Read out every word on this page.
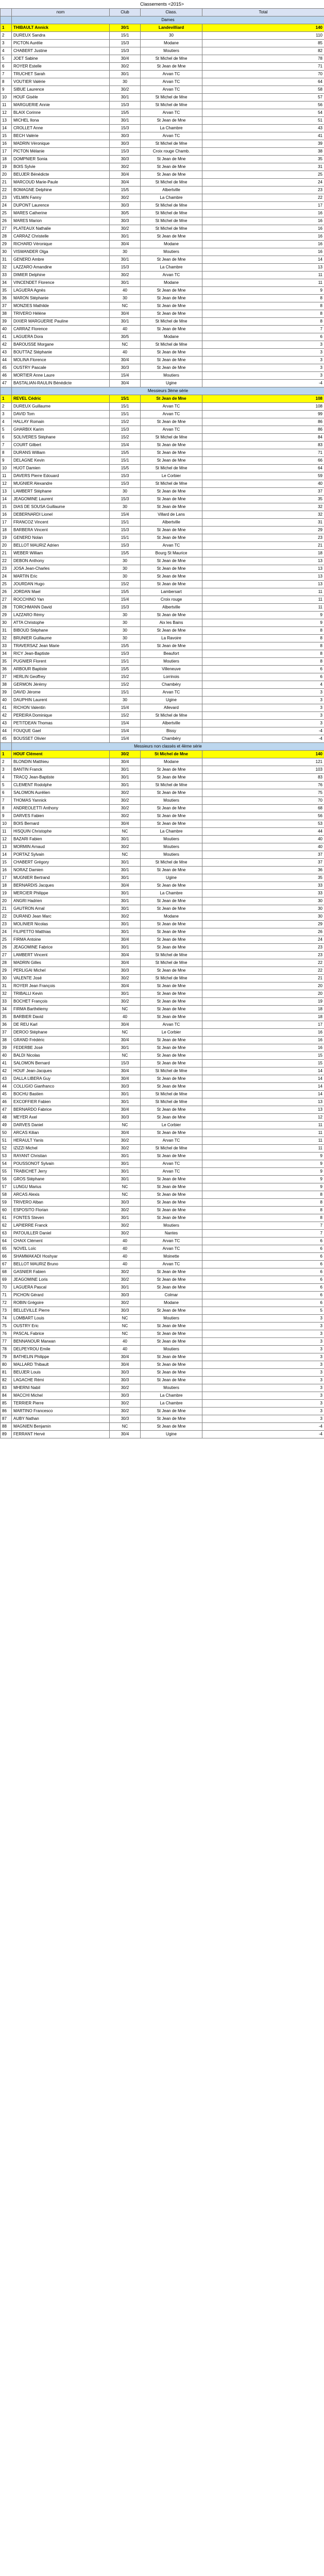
Classements <2015>
	nom	Club	Class.	Total
	Dames			
1	THIBAULT Annick	30/1	Landevilliard	140
2	DUREUX Sandra	15/1	30	110
3	PICTON Aurélie	15/3	Modane	85
4	CHABERT Justine	15/3	Moutiers	82
5	JOET Sabine	30/4	St Michel de Mne	78
6	ROYER Estelle	30/2	St Jean de Mne	71
7	TRUCHET Sarah	30/1	Arvan TC	70
8	VOUTIER Valérie	30	Arvan TC	64
9	SIBUE Laurence	30/2	Arvan TC	58
10	HOUF Gisèle	30/1	St Michel de Mne	57
11	MARGUERIE Annie	15/3	St Michel de Mne	56
12	BLAIX Corinne	15/5	Arvan TC	54
13	MICHEL Ilona	30/1	St Jean de Mne	51
14	CROLLET Anne	15/3	La Chambre	43
15	BECH Valérie	30/3	Arvan TC	41
16	MADRIN Véronique	30/3	St Michel de Mne	39
17	PICTON Mélanie	15/3	Croix rouge Chamb.	38
18	DOMPNIER Sonia	30/3	St Jean de Mne	35
19	BOIS Sylvie	30/2	St Jean de Mne	31
20	BEUJER Bénédicte	30/4	St Jean de Mne	25
21	MARCOUD Marie-Paule	30/4	St Michel de Mne	24
22	BOMAGNE Delphine	15/5	Albertville	23
23	VELMIN Fanny	30/2	La Chambre	22
24	DUPONT Laurence	30/3	St Michel de Mne	17
25	MARES Catherine	30/5	St Michel de Mne	16
26	MARES Marion	30/3	St Michel de Mne	16
27	PLATEAUX Nathalie	30/2	St Michel de Mne	16
28	CARRAZ Christelle	30/1	St Jean de Mne	16
29	RICHARD Véronique	30/4	Modane	16
30	VISWANDER Olga	30	Moutiers	16
31	GENERD Ambre	30/1	St Jean de Mne	14
32	LAZZARO Amandine	15/3	La Chambre	13
33	DIMIER Delphine	30/2	Arvan TC	11
34	VINCENDET Florence	30/1	Modane	11
35	LAGUERA Agnès	40	St Jean de Mne	9
36	MARON Stéphanie	30	St Jean de Mne	8
37	MONZIES Mathilde	NC	St Jean de Mne	8
38	TRIVERO Hélène	30/4	St Jean de Mne	8
39	DIXIER MARGUERIE Pauline	30/1	St Michel de Mne	8
40	CARRAZ Florence	40	St Jean de Mne	7
41	LAGUERA Dora	30/5	Modane	6
42	BAROUSSE Morgane	NC	St Michel de Mne	3
43	BOUTTAZ Stéphanie	40	St Jean de Mne	3
44	MOLINA Florence	30/4	St Jean de Mne	3
45	OUSTRY Pascale	30/3	St Jean de Mne	3
46	MORTIER Anne Laure	15/4	Moutiers	3
47	BASTALIAN-RAULIN Bénédicte	30/4	Ugine	-4
	Messieurs 3ème série			
1	REVEL Cédric	15/1	St Jean de Mne	108
2	DUREUX Guillaume	15/1	Arvan TC	108
3	DAVID Tom	15/1	Arvan TC	99
4	HALLAY Romain	15/2	St Jean de Mne	86
5	GHARBIX Karim	15/3	Arvan TC	86
6	SOLIVERES Stéphane	15/2	St Michel de Mne	84
7	COURT Gilbert	15/4	St Jean de Mne	83
8	DURANS William	15/5	St Jean de Mne	71
9	DELAGNE Kevin	15/1	St Jean de Mne	66
10	HUOT Damien	15/5	St Michel de Mne	64
11	DAVERS Pierre Edouard	15/3	Le Corbier	59
12	MUGNIER Alexandre	15/3	St Michel de Mne	40
13	LAMBERT Stéphane	30	St Jean de Mne	37
14	JEAGOMINE Laurent	15/3	St Jean de Mne	35
15	DIAS DE SOUSA Guillaume	30	St Jean de Mne	32
16	DEBERNARDI Lionel	15/4	Villard de Lans	32
17	FRANCOZ Vincent	15/1	Albertville	31
18	BARBERA Vincent	15/3	St Jean de Mne	29
19	GENERD Nolan	15/1	St Jean de Mne	23
20	BELLOT MAURIZ Adrien	15/3	Arvan TC	21
21	WEBER William	15/5	Bourg St Maurice	18
22	DEBON Anthony	30	St Jean de Mne	13
23	JOSA Jean-Charles	30	St Jean de Mne	13
24	MARTIN Eric	30	St Jean de Mne	13
25	JOURDAN Hugo	15/2	St Jean de Mne	13
26	JORDAN Mael	15/5	Lambersart	11
27	ROCCHINO Yan	15/4	Croix rouge	11
28	TORCHMANN David	15/3	Albertville	11
29	LAZZARO Rémy	30	St Jean de Mne	9
30	ATTA Christophe	30	Aix les Bains	9
31	BIBOUD Stéphane	30	St Jean de Mne	8
32	BRUNIER Guillaume	30	La Ravoire	8
33	TRAVERSAZ Jean Marie	15/5	St Jean de Mne	8
34	RICY Jean-Baptiste	15/3	Beaufort	8
35	PUGNIER Florent	15/1	Moutiers	8
36	ARBOUR Baptiste	15/5	Villeneuve	6
37	HERLIN Geoffrey	15/2	Lorrinois	6
38	GERMON Jérémy	15/2	Chambéry	4
39	DAVID Jérome	15/1	Arvan TC	3
40	DAUPHIN Laurent	30	Ugine	3
41	RICHON Valentin	15/4	Allevard	3
42	PEREIRA Dominique	15/2	St Michel de Mne	3
43	PETITDEAN Thomas	15/4	Albertville	3
44	FOUQUE Gael	15/4	Bissy	-4
45	BOUSSET Olivier	15/4	Chambéry	-4
	Messieurs non classés et 4ème série			
1	HOUF Clément	30/2	St Michel de Mne	140
2	BLONDIN Matthieu	30/4	Modane	121
3	BANTIN Franck	30/1	St Jean de Mne	103
4	TRACQ Jean-Baptiste	30/1	St Jean de Mne	83
5	CLEMENT Rodolphe	30/1	St Michel de Mne	76
6	SALOMON Aurélien	30/2	St Jean de Mne	75
7	THOMAS Yannick	30/2	Moutiers	70
8	ANDREOLETTI Anthony	30/2	St Jean de Mne	68
9	DARVES Fabien	30/2	St Jean de Mne	56
10	BOIS Bernard	30/4	St Jean de Mne	53
11	HISQUIN Christophe	NC	La Chambre	44
12	BAZARI Fabien	30/1	Moutiers	40
13	MORMIN Arnaud	30/2	Moutiers	40
14	PORTAZ Sylvain	NC	Moutiers	37
15	CHABERT Grégory	30/1	St Michel de Mne	37
16	NORAZ Damien	30/1	St Jean de Mne	36
17	MUGNIER Bertrand	30/1	Ugine	35
18	BERNARDIS Jacques	30/4	St Jean de Mne	33
19	MERCIER Philippe	30/1	La Chambre	33
20	ANGRI Hadrien	30/1	St Jean de Mne	30
21	GAUTRON Arnal	30/1	St Jean de Mne	30
22	DURAND Jean Marc	30/2	Modane	30
23	MOLINIER Nicolas	30/1	St Jean de Mne	29
24	FILIPETTO Matthias	30/1	St Jean de Mne	26
25	FIRMA Antoine	30/4	St Jean de Mne	24
26	JEAGOMINE Fabrice	30/1	St Jean de Mne	23
27	LAMBERT Vincent	30/4	St Michel de Mne	23
28	MADRIN Gilles	30/4	St Michel de Mne	22
29	PERLIGAI Michel	30/3	St Jean de Mne	22
30	VALENTE José	30/2	St Michel de Mne	21
31	ROYER Jean François	30/4	St Jean de Mne	20
32	TRIBALLI Kevin	30/1	St Jean de Mne	20
33	BOCHET François	30/2	St Jean de Mne	19
34	FIRMA Barthélemy	NC	St Jean de Mne	18
35	BARBIER David	40	St Jean de Mne	18
36	DE REU Karl	30/4	Arvan TC	17
37	DEROO Stéphane	NC	Le Corbier	16
38	GRAND Frédéric	30/4	St Jean de Mne	16
39	FEDERBE José	30/1	St Jean de Mne	16
40	BALDI Nicolas	NC	St Jean de Mne	15
41	SALOMON Bernard	15/3	St Jean de Mne	15
42	HOUF Jean-Jacques	30/4	St Michel de Mne	14
43	DALLA LIBERA Guy	30/4	St Jean de Mne	14
44	COLLIGIO Gianfranco	30/3	St Jean de Mne	14
45	BOCHU Bastien	30/1	St Michel de Mne	14
46	EXCOFFIER Fabien	30/1	St Michel de Mne	13
47	BERNARDO Fabrice	30/4	St Jean de Mne	13
48	MEYER Axel	30/3	St Jean de Mne	12
49	DARVES Daniel	NC	Le Corbier	11
50	ARCAS Kilian	30/4	St Jean de Mne	11
51	HERAULT Yanis	30/2	Arvan TC	11
52	IZIZZI Michel	30/2	St Michel de Mne	11
53	RAYANT Christian	30/1	St Jean de Mne	9
54	POUSSONOT Sylvain	30/1	Arvan TC	9
55	TRABICHET Jerry	30/1	Arvan TC	9
56	GROS Stéphane	30/1	St Jean de Mne	9
57	LUNGU Marius	NC	St Jean de Mne	9
58	ARCAS Alexis	NC	St Jean de Mne	8
59	TRIVERO Alban	30/3	St Jean de Mne	8
60	ESPOSITO Florian	30/2	St Jean de Mne	8
61	FONTES Steven	30/1	St Jean de Mne	8
62	LAPIERRE Franck	30/2	Moutiers	7
63	PATOUILLER Daniel	30/2	Nantes	7
64	CHAIX Clément	40	Arvan TC	6
65	NOVEL Loïc	40	Arvan TC	6
66	SHAMMAKADI Hoshyar	40	Moinette	6
67	BELLOT MAURIZ Bruno	40	Arvan TC	6
68	GASNIER Fabien	30/2	St Jean de Mne	6
69	JEAGOMINE Loris	30/2	St Jean de Mne	6
70	LAGUERA Pascal	30/1	St Jean de Mne	6
71	PICHON Gérard	30/3	Colmar	6
72	ROBIN Grégoire	30/2	Modane	6
73	BELLEVILLE Pierre	30/3	St Jean de Mne	5
74	LOMBART Louis	NC	Moutiers	3
75	OUSTRY Eric	NC	St Jean de Mne	3
76	PASCAL Fabrice	NC	St Jean de Mne	3
77	BENNANOUR Marwan	40	St Jean de Mne	3
78	DELPEYROU Emile	40	Moutiers	3
79	BATHELIN Philippe	30/4	St Jean de Mne	3
80	MALLARD Thibault	30/4	St Jean de Mne	3
81	BEUJER Louis	30/3	St Jean de Mne	3
82	LAGACHE Rémi	30/3	St Jean de Mne	3
83	MHERNI Nabil	30/2	Moutiers	3
84	MACCHI Michel	30/3	La Chambre	3
85	TERRIER Pierre	30/2	La Chambre	3
86	MARTINO Francesco	30/2	St Jean de Mne	3
87	AUBY Nathan	30/3	St Jean de Mne	3
88	MAGNIEN Benjamin	NC	St Jean de Mne	-4
89	FERRANT Hervé	30/4	Ugine	-4
